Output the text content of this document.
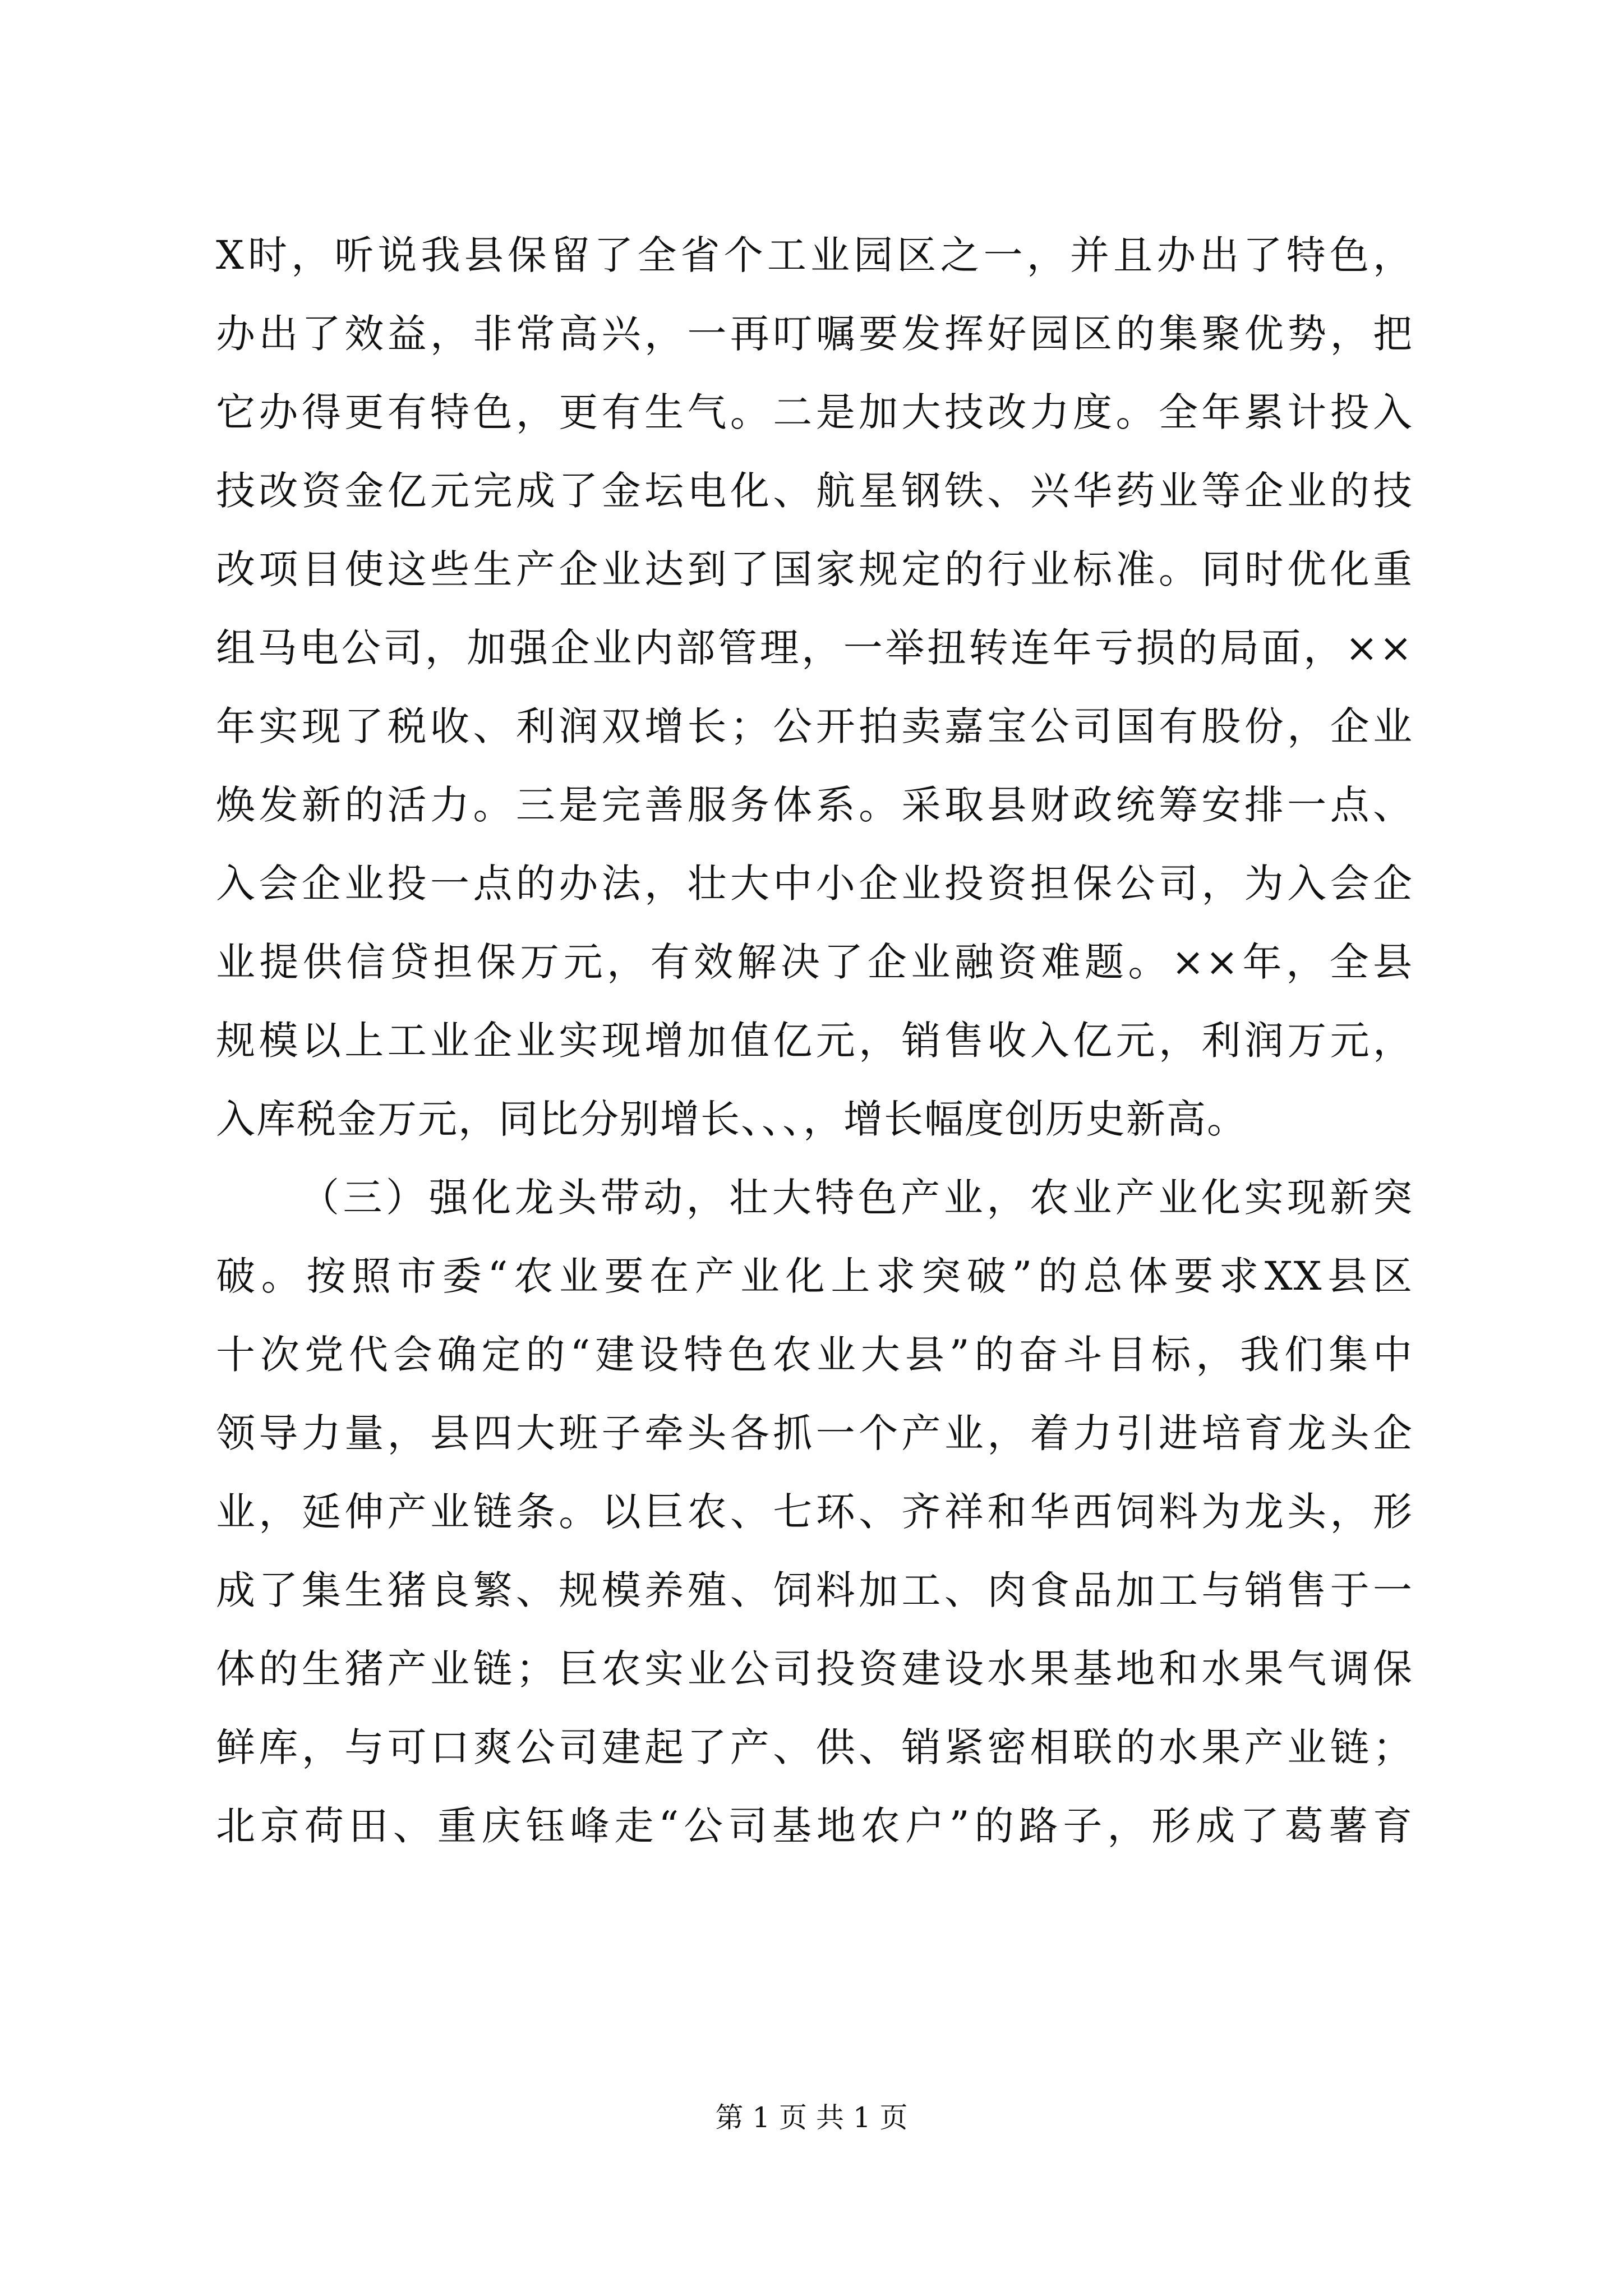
X时，听说我县保留了全省个工业园区之一，并且办出了特色，
办出了效益，非常高兴，一再叮嘱要发挥好园区的集聚优势，把
它办得更有特色，更有生气。二是加大技改力度。全年累计投入
技改资金亿元完成了金坛电化、航星钢铁、兴华药业等企业的技
改项目使这些生产企业达到了国家规定的行业标准。同时优化重
组马电公司，加强企业内部管理，一举扭转连年亏损的局面，××
年实现了税收、利润双增长；公开拍卖嘉宝公司国有股份，企业
焕发新的活力。三是完善服务体系。采取县财政统筹安排一点、
入会企业投一点的办法，壮大中小企业投资担保公司，为入会企
业提供信贷担保万元，有效解决了企业融资难题。××年，全县
规模以上工业企业实现增加值亿元，销售收入亿元，利润万元，
入库税金万元，同比分别增长、、、，增长幅度创历史新高。
（三）强化龙头带动，壮大特色产业，农业产业化实现新突
破。按照市委“农业要在产业化上求突破”的总体要求XX县区
十次党代会确定的“建设特色农业大县”的奋斗目标，我们集中
领导力量，县四大班子牵头各抓一个产业，着力引进培育龙头企
业，延伸产业链条。以巨农、七环、齐祥和华西饲料为龙头，形
成了集生猪良繁、规模养殖、饲料加工、肉食品加工与销售于一
体的生猪产业链；巨农实业公司投资建设水果基地和水果气调保
鲜库，与可口爽公司建起了产、供、销紧密相联的水果产业链；
北京荷田、重庆钰峰走“公司基地农户”的路子，形成了葛薯育
第 1 页 共 1 页
